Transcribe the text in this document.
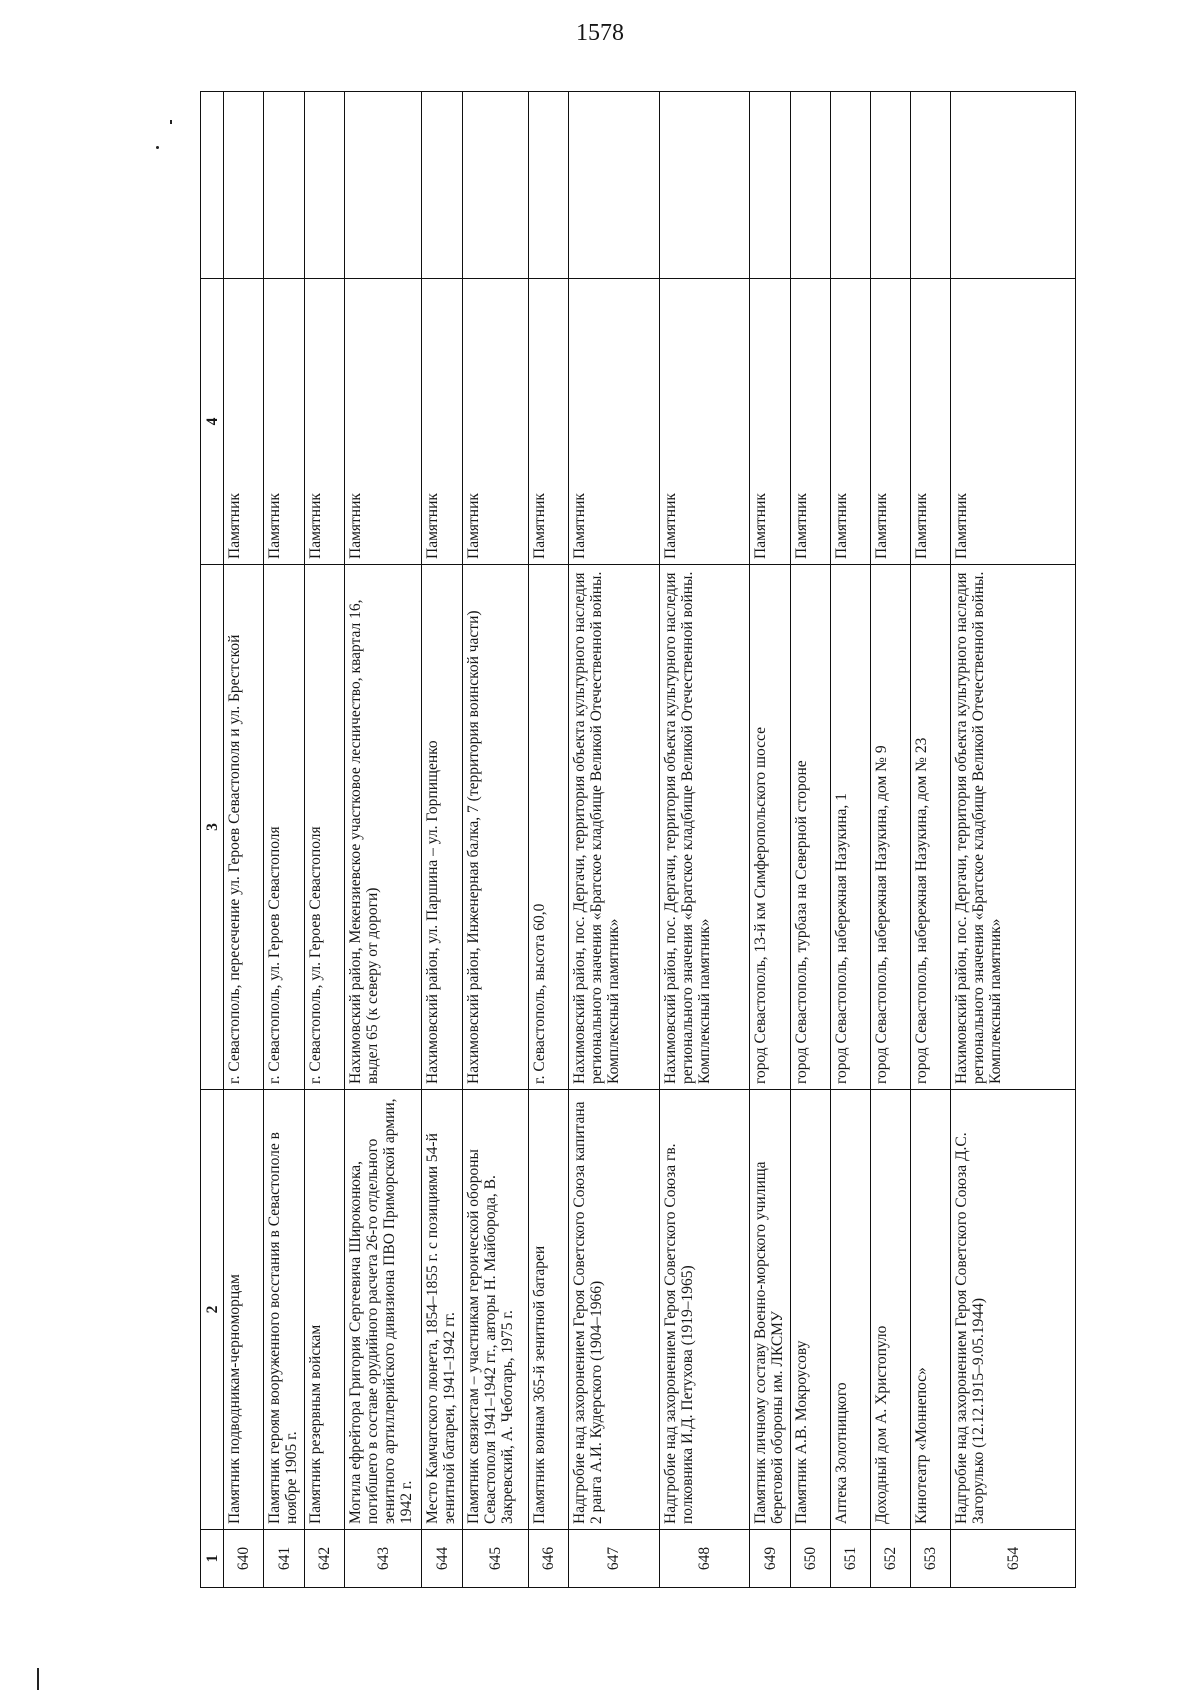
1578
1	2	3	4	
640	Памятник подводникам-черноморцам	г. Севастополь, пересечение ул. Героев Севастополя и ул. Брестской	Памятник	
641	Памятник героям вооруженного восстания в Севастополе в ноябре 1905 г.	г. Севастополь, ул. Героев Севастополя	Памятник	
642	Памятник резервным войскам	г. Севастополь, ул. Героев Севастополя	Памятник	
643	Могила ефрейтора Григория Сергеевича Широконюка, погибшего в составе орудийного расчета 26-го отдельного зенитного артиллерийского дивизиона ПВО Приморской армии, 1942 г.	Нахимовский район, Мекензиевское участковое лесничество, квартал 16, выдел 65 (к северу от дороги)	Памятник	
644	Место Камчатского люнета, 1854–1855 г. с позициями 54-й зенитной батареи, 1941–1942 гг.	Нахимовский район, ул. Паршина – ул. Горпищенко	Памятник	
645	Памятник связистам – участникам героической обороны Севастополя 1941–1942 гг., авторы Н. Майборода, В. Закревский, А. Чеботарь, 1975 г.	Нахимовский район, Инженерная балка, 7 (территория воинской части)	Памятник	
646	Памятник воинам 365-й зенитной батареи	г. Севастополь, высота 60,0	Памятник	
647	Надгробие над захоронением Героя Советского Союза капитана 2 ранга А.И. Кудерского (1904–1966)	Нахимовский район, пос. Дергачи, территория объекта культурного наследия регионального значения «Братское кладбище Великой Отечественной войны. Комплексный памятник»	Памятник	
648	Надгробие над захоронением Героя Советского Союза гв. полковника И.Д. Петухова (1919–1965)	Нахимовский район, пос. Дергачи, территория объекта культурного наследия регионального значения «Братское кладбище Великой Отечественной войны. Комплексный памятник»	Памятник	
649	Памятник личному составу Военно-морского училища береговой обороны им. ЛКСМУ	город Севастополь, 13-й км Симферопольского шоссе	Памятник	
650	Памятник А.В. Мокроусову	город Севастополь, турбаза на Северной стороне	Памятник	
651	Аптека Золотницкого	город Севастополь, набережная Назукина, 1	Памятник	
652	Доходный дом А. Христопуло	город Севастополь, набережная Назукина, дом № 9	Памятник	
653	Кинотеатр «Моннепос»	город Севастополь, набережная Назукина, дом № 23	Памятник	
654	Надгробие над захоронением Героя Советского Союза Д.С. Загорулько (12.12.1915–9.05.1944)	Нахимовский район, пос. Дергачи, территория объекта культурного наследия регионального значения «Братское кладбище Великой Отечественной войны. Комплексный памятник»	Памятник	
